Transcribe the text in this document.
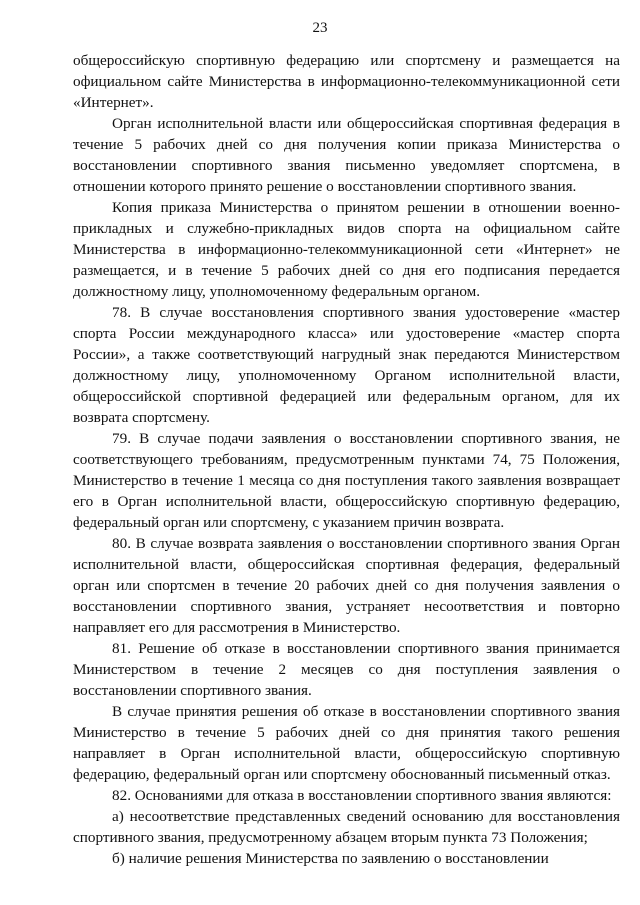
23

общероссийскую спортивную федерацию или спортсмену и размещается на официальном сайте Министерства в информационно-телекоммуникационной сети «Интернет».

Орган исполнительной власти или общероссийская спортивная федерация в течение 5 рабочих дней со дня получения копии приказа Министерства о восстановлении спортивного звания письменно уведомляет спортсмена, в отношении которого принято решение о восстановлении спортивного звания.

Копия приказа Министерства о принятом решении в отношении военно-прикладных и служебно-прикладных видов спорта на официальном сайте Министерства в информационно-телекоммуникационной сети «Интернет» не размещается, и в течение 5 рабочих дней со дня его подписания передается должностному лицу, уполномоченному федеральным органом.

78. В случае восстановления спортивного звания удостоверение «мастер спорта России международного класса» или удостоверение «мастер спорта России», а также соответствующий нагрудный знак передаются Министерством должностному лицу, уполномоченному Органом исполнительной власти, общероссийской спортивной федерацией или федеральным органом, для их возврата спортсмену.

79. В случае подачи заявления о восстановлении спортивного звания, не соответствующего требованиям, предусмотренным пунктами 74, 75 Положения, Министерство в течение 1 месяца со дня поступления такого заявления возвращает его в Орган исполнительной власти, общероссийскую спортивную федерацию, федеральный орган или спортсмену, с указанием причин возврата.

80. В случае возврата заявления о восстановлении спортивного звания Орган исполнительной власти, общероссийская спортивная федерация, федеральный орган или спортсмен в течение 20 рабочих дней со дня получения заявления о восстановлении спортивного звания, устраняет несоответствия и повторно направляет его для рассмотрения в Министерство.

81. Решение об отказе в восстановлении спортивного звания принимается Министерством в течение 2 месяцев со дня поступления заявления о восстановлении спортивного звания.

В случае принятия решения об отказе в восстановлении спортивного звания Министерство в течение 5 рабочих дней со дня принятия такого решения направляет в Орган исполнительной власти, общероссийскую спортивную федерацию, федеральный орган или спортсмену обоснованный письменный отказ.

82. Основаниями для отказа в восстановлении спортивного звания являются:

а) несоответствие представленных сведений основанию для восстановления спортивного звания, предусмотренному абзацем вторым пункта 73 Положения;

б) наличие решения Министерства по заявлению о восстановлении
